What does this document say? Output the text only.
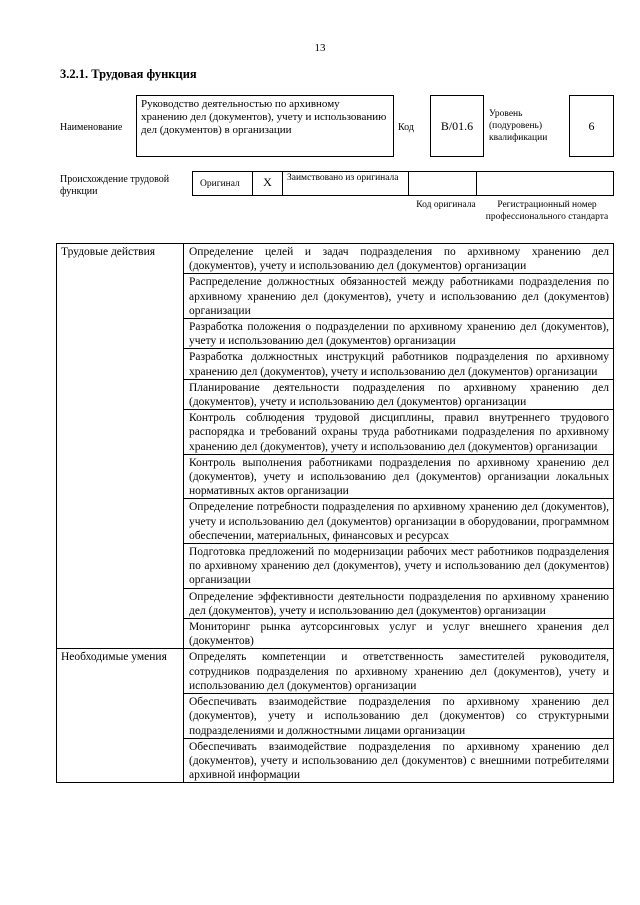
13
3.2.1. Трудовая функция
Наименование
Руководство деятельностью по архивному хранению дел (документов), учету и использованию дел (документов) в организации	Код	B/01.6
Уровень (подуровень) квалификации
6
Происхождение трудовой функции
Оригинал	X	Заимствовано из оригинала
Код оригинала	Регистрационный номер профессионального стандарта
Трудовые действия	Определение целей и задач подразделения по архивному хранению дел (документов), учету и использованию дел (документов) организации
	Распределение должностных обязанностей между работниками подразделения по архивному хранению дел (документов), учету и использованию дел (документов) организации
	Разработка положения о подразделении по архивному хранению дел (документов), учету и использованию дел (документов) организации
	Разработка должностных инструкций работников подразделения по архивному хранению дел (документов), учету и использованию дел (документов) организации
	Планирование деятельности подразделения по архивному хранению дел (документов), учету и использованию дел (документов) организации
	Контроль соблюдения трудовой дисциплины, правил внутреннего трудового распорядка и требований охраны труда работниками подразделения по архивному хранению дел (документов), учету и использованию дел (документов) организации
	Контроль выполнения работниками подразделения по архивному хранению дел (документов), учету и использованию дел (документов) организации локальных нормативных актов организации
	Определение потребности подразделения по архивному хранению дел (документов), учету и использованию дел (документов) организации в оборудовании, программном обеспечении, материальных, финансовых и ресурсах
	Подготовка предложений по модернизации рабочих мест работников подразделения по архивному хранению дел (документов), учету и использованию дел (документов) организации
	Определение эффективности деятельности подразделения по архивному хранению дел (документов), учету и использованию дел (документов) организации
	Мониторинг рынка аутсорсинговых услуг и услуг внешнего хранения дел (документов)
Необходимые умения	Определять компетенции и ответственность заместителей руководителя, сотрудников подразделения по архивному хранению дел (документов), учету и использованию дел (документов) организации
	Обеспечивать взаимодействие подразделения по архивному хранению дел (документов), учету и использованию дел (документов) со структурными подразделениями и должностными лицами организации
	Обеспечивать взаимодействие подразделения по архивному хранению дел (документов), учету и использованию дел (документов) с внешними потребителями архивной информации
